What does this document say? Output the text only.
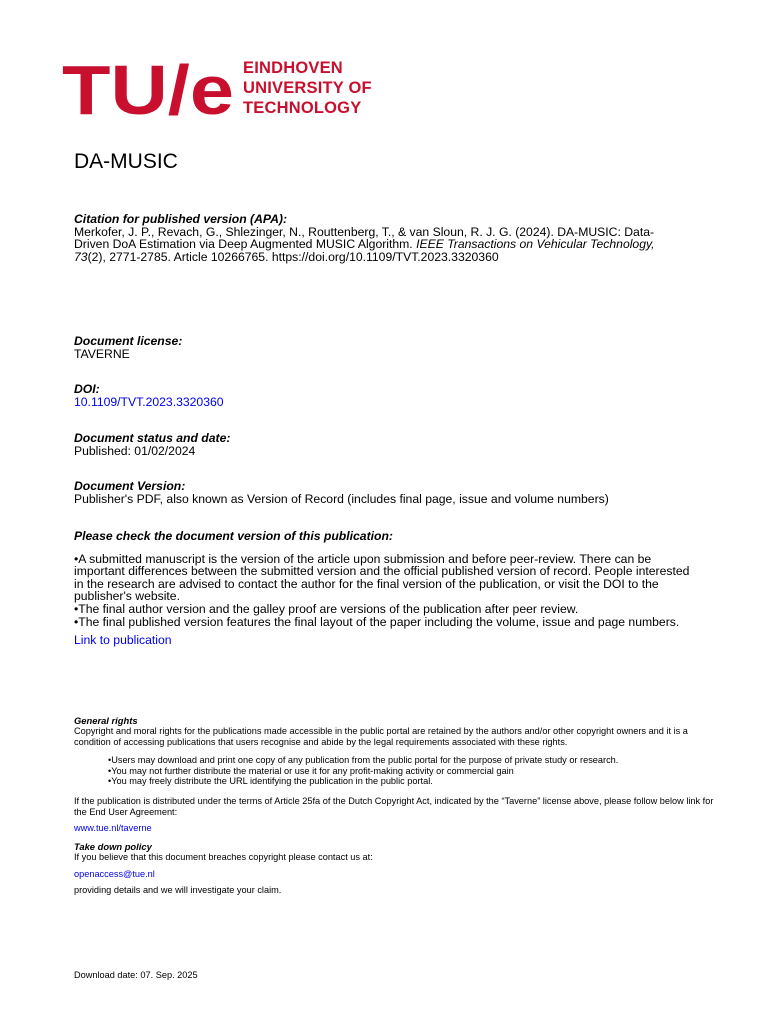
TU/e EINDHOVEN
UNIVERSITY OF
TECHNOLOGY
DA-MUSIC
Citation for published version (APA):
Merkofer, J. P., Revach, G., Shlezinger, N., Routtenberg, T., & van Sloun, R. J. G. (2024). DA-MUSIC: Data-
Driven DoA Estimation via Deep Augmented MUSIC Algorithm. IEEE Transactions on Vehicular Technology,
73(2), 2771-2785. Article 10266765. https://doi.org/10.1109/TVT.2023.3320360
Document license:
TAVERNE
DOI:
10.1109/TVT.2023.3320360
Document status and date:
Published: 01/02/2024
Document Version:
Publisher's PDF, also known as Version of Record (includes final page, issue and volume numbers)
Please check the document version of this publication:
• A submitted manuscript is the version of the article upon submission and before peer-review. There can be important differences between the submitted version and the official published version of record. People interested in the research are advised to contact the author for the final version of the publication, or visit the DOI to the publisher's website.
• The final author version and the galley proof are versions of the publication after peer review.
• The final published version features the final layout of the paper including the volume, issue and page numbers.
Link to publication
General rights
Copyright and moral rights for the publications made accessible in the public portal are retained by the authors and/or other copyright owners and it is a condition of accessing publications that users recognise and abide by the legal requirements associated with these rights.
• Users may download and print one copy of any publication from the public portal for the purpose of private study or research.
• You may not further distribute the material or use it for any profit-making activity or commercial gain
• You may freely distribute the URL identifying the publication in the public portal.
If the publication is distributed under the terms of Article 25fa of the Dutch Copyright Act, indicated by the “Taverne” license above, please follow below link for the End User Agreement:
www.tue.nl/taverne
Take down policy
If you believe that this document breaches copyright please contact us at:
openaccess@tue.nl
providing details and we will investigate your claim.
Download date: 07. Sep. 2025
